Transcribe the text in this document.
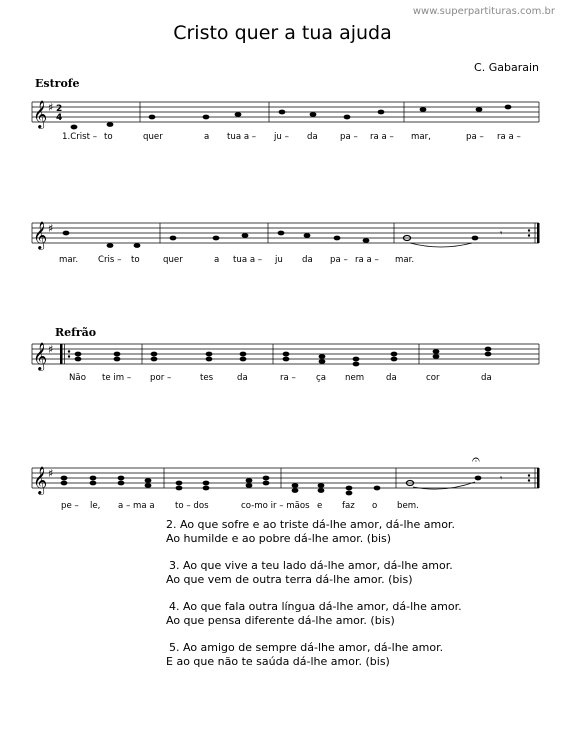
www.superpartituras.com.br
Cristo quer a tua ajuda
C. Gabarain
Estrofe
Refrão
𝄞 ♯ 2
4
1.Crist – to	quer	a tua a – ju – da	pa – ra a – mar,	pa – ra a –
𝄞 ♯	𝄾
mar. Cris – to	quer	a tua a – ju da pa – ra a – mar.
𝄞 ♯
Não te im – por –	tes	da	ra – ça nem	da	cor	da
𝄞 ♯
𝄐
𝄾
pe – le, a – ma a to – dos	co-mo ir – mãos e faz o bem.
2. Ao que sofre e ao triste dá-lhe amor, dá-lhe amor.
Ao humilde e ao pobre dá-lhe amor. (bis)
3. Ao que vive a teu lado dá-lhe amor, dá-lhe amor.
Ao que vem de outra terra dá-lhe amor. (bis)
4. Ao que fala outra língua dá-lhe amor, dá-lhe amor.
Ao que pensa diferente dá-lhe amor. (bis)
5. Ao amigo de sempre dá-lhe amor, dá-lhe amor.
E ao que não te saúda dá-lhe amor. (bis)
